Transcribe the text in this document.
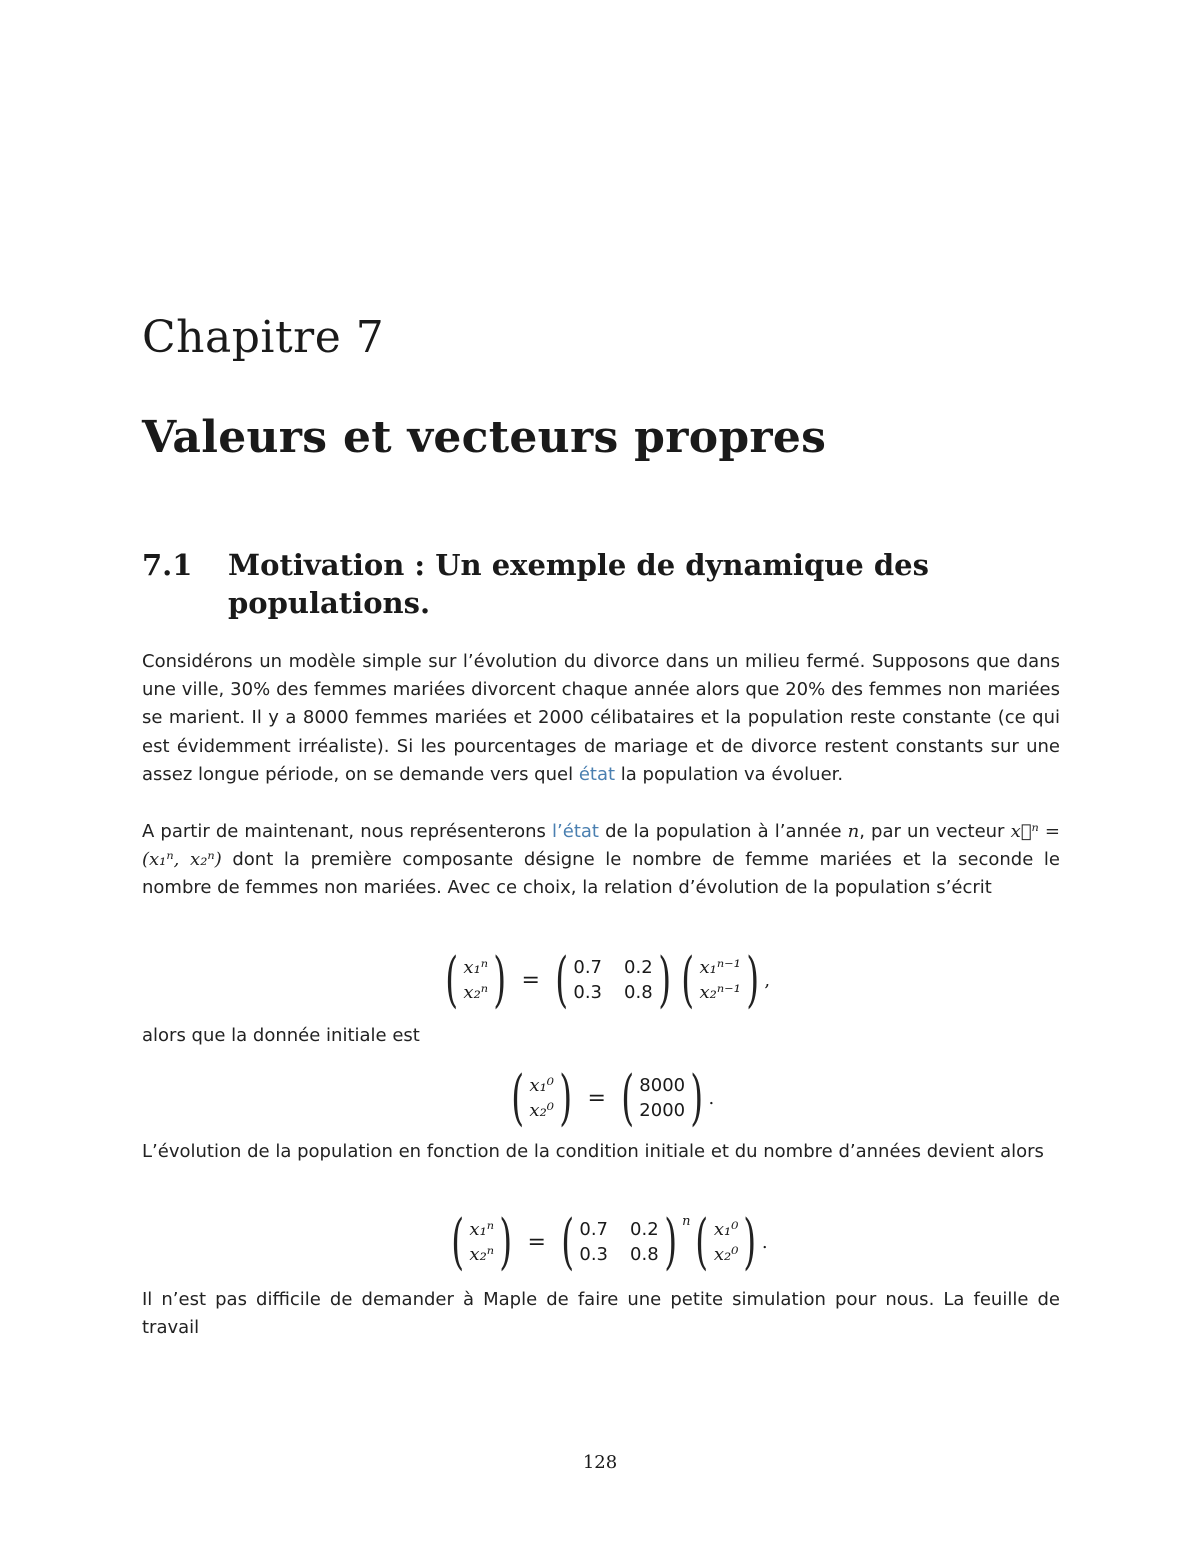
Chapitre 7
Valeurs et vecteurs propres
7.1 Motivation : Un exemple de dynamique des populations.
Considérons un modèle simple sur l’évolution du divorce dans un milieu fermé. Supposons que dans une ville, 30% des femmes mariées divorcent chaque année alors que 20% des femmes non mariées se marient. Il y a 8000 femmes mariées et 2000 célibataires et la population reste constante (ce qui est évidemment irréaliste). Si les pourcentages de mariage et de divorce restent constants sur une assez longue période, on se demande vers quel état la population va évoluer.
A partir de maintenant, nous représenterons l’état de la population à l’année n, par un vecteur x⃗ⁿ = (x₁ⁿ, x₂ⁿ) dont la première composante désigne le nombre de femme mariées et la seconde le nombre de femmes non mariées. Avec ce choix, la relation d’évolution de la population s’écrit
( x₁ⁿ
x₂ⁿ ) = ( 0.7 0.2
0.3 0.8 ) ( x₁ⁿ⁻¹
x₂ⁿ⁻¹ ) ,
alors que la donnée initiale est
( x₁⁰
x₂⁰ ) = ( 8000
2000 ) .
L’évolution de la population en fonction de la condition initiale et du nombre d’années devient alors
( x₁ⁿ
x₂ⁿ ) = ( 0.7 0.2
0.3 0.8 ) n ( x₁⁰
x₂⁰ ) .
Il n’est pas difficile de demander à Maple de faire une petite simulation pour nous. La feuille de travail
128
